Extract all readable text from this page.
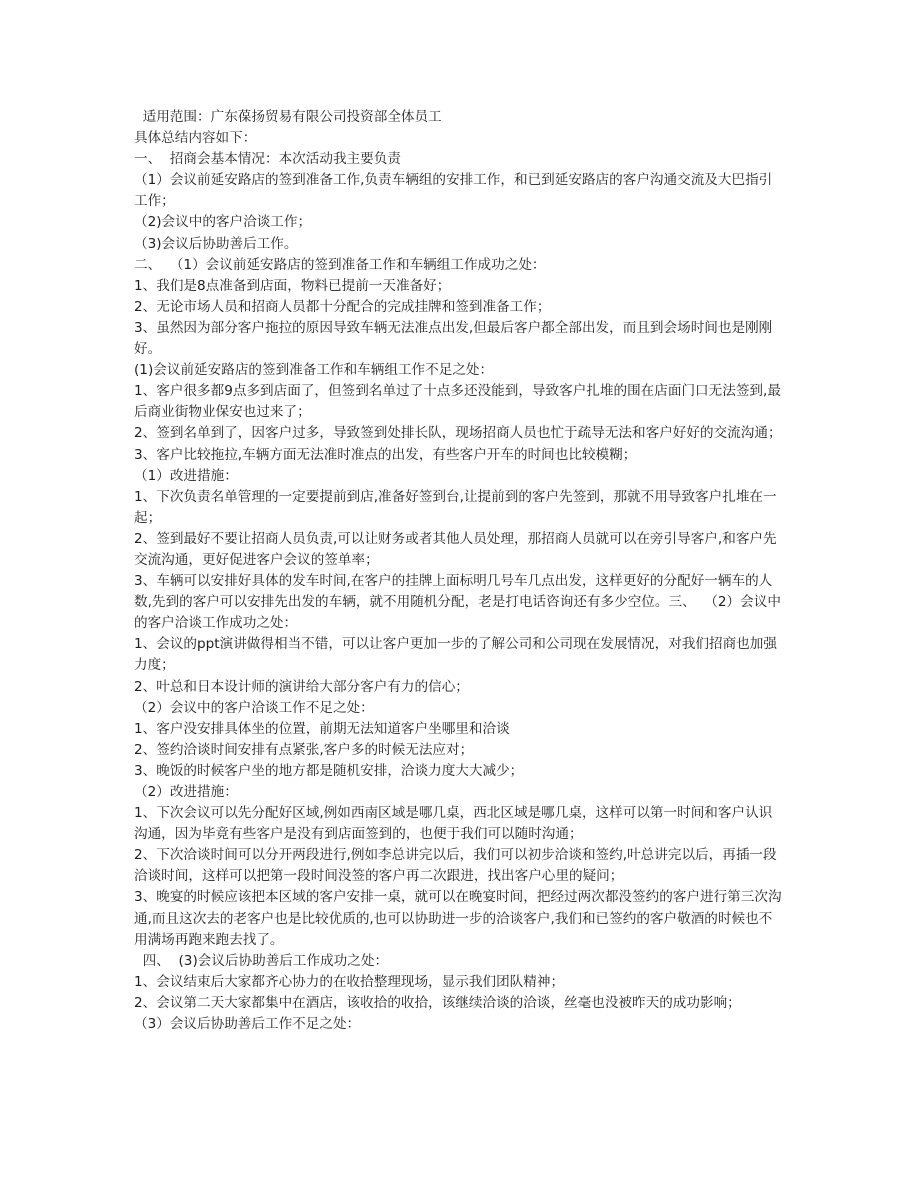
适用范围：广东葆扬贸易有限公司投资部全体员工
具体总结内容如下：
一、  招商会基本情况：本次活动我主要负责
（1）会议前延安路店的签到准备工作,负责车辆组的安排工作，和已到延安路店的客户沟通交流及大巴指引工作；
（2)会议中的客户洽谈工作；
（3)会议后协助善后工作。
二、  （1）会议前延安路店的签到准备工作和车辆组工作成功之处：
1、我们是8点准备到店面，物料已提前一天准备好；
2、无论市场人员和招商人员都十分配合的完成挂牌和签到准备工作；
3、虽然因为部分客户拖拉的原因导致车辆无法准点出发,但最后客户都全部出发，而且到会场时间也是刚刚好。
(1)会议前延安路店的签到准备工作和车辆组工作不足之处：
1、客户很多都9点多到店面了，但签到名单过了十点多还没能到，导致客户扎堆的围在店面门口无法签到,最后商业街物业保安也过来了；
2、签到名单到了，因客户过多，导致签到处排长队，现场招商人员也忙于疏导无法和客户好好的交流沟通；
3、客户比较拖拉,车辆方面无法准时准点的出发，有些客户开车的时间也比较模糊；
（1）改进措施：
1、下次负责名单管理的一定要提前到店,准备好签到台,让提前到的客户先签到，那就不用导致客户扎堆在一起；
2、签到最好不要让招商人员负责,可以让财务或者其他人员处理，那招商人员就可以在旁引导客户,和客户先交流沟通，更好促进客户会议的签单率；
3、车辆可以安排好具体的发车时间,在客户的挂牌上面标明几号车几点出发，这样更好的分配好一辆车的人数,先到的客户可以安排先出发的车辆，就不用随机分配，老是打电话咨询还有多少空位。三、  （2）会议中的客户洽谈工作成功之处：
1、会议的ppt演讲做得相当不错，可以让客户更加一步的了解公司和公司现在发展情况，对我们招商也加强力度；
2、叶总和日本设计师的演讲给大部分客户有力的信心；
（2）会议中的客户洽谈工作不足之处：
1、客户没安排具体坐的位置，前期无法知道客户坐哪里和洽谈
2、签约洽谈时间安排有点紧张,客户多的时候无法应对；
3、晚饭的时候客户坐的地方都是随机安排，洽谈力度大大减少；
（2）改进措施：
1、下次会议可以先分配好区域,例如西南区域是哪几桌，西北区域是哪几桌，这样可以第一时间和客户认识沟通，因为毕竟有些客户是没有到店面签到的，也便于我们可以随时沟通；
2、下次洽谈时间可以分开两段进行,例如李总讲完以后，我们可以初步洽谈和签约,叶总讲完以后，再插一段洽谈时间，这样可以把第一段时间没签的客户再二次跟进，找出客户心里的疑问；
3、晚宴的时候应该把本区域的客户安排一桌，就可以在晚宴时间，把经过两次都没签约的客户进行第三次沟通,而且这次去的老客户也是比较优质的,也可以协助进一步的洽谈客户,我们和已签约的客户敬酒的时候也不用满场再跑来跑去找了。
四、  (3)会议后协助善后工作成功之处：
1、会议结束后大家都齐心协力的在收拾整理现场，显示我们团队精神；
2、会议第二天大家都集中在酒店，该收拾的收拾，该继续洽谈的洽谈，丝毫也没被昨天的成功影响；
（3）会议后协助善后工作不足之处：
